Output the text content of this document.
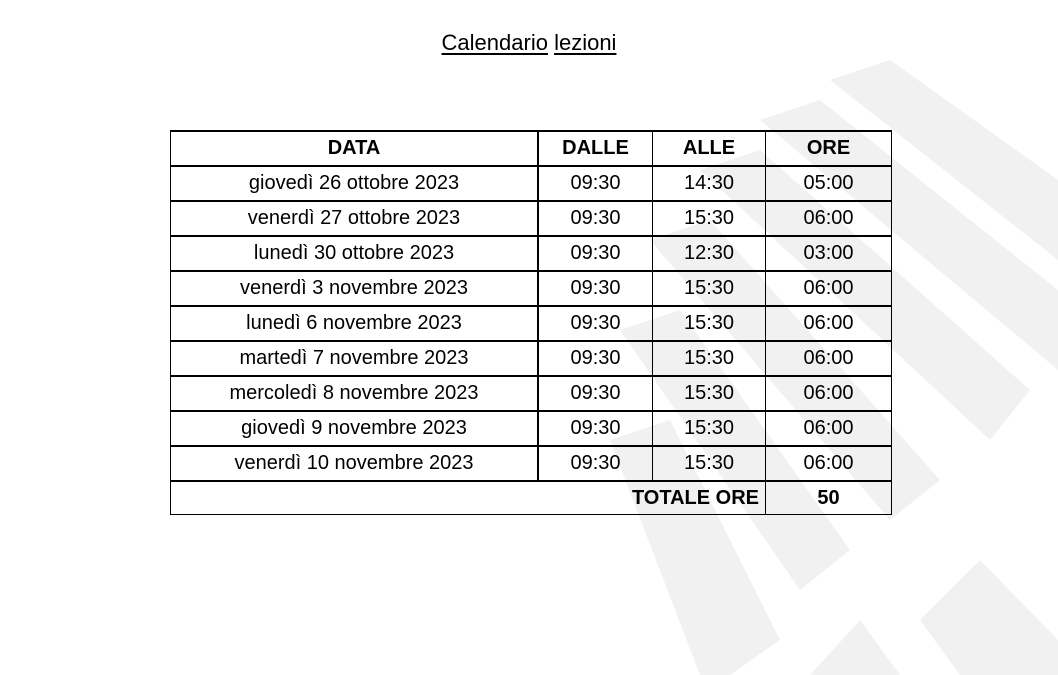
Calendario lezioni
DATA	DALLE	ALLE	ORE
giovedì 26 ottobre 2023	09:30	14:30	05:00
venerdì 27 ottobre 2023	09:30	15:30	06:00
lunedì 30 ottobre 2023	09:30	12:30	03:00
venerdì 3 novembre 2023	09:30	15:30	06:00
lunedì 6 novembre 2023	09:30	15:30	06:00
martedì 7 novembre 2023	09:30	15:30	06:00
mercoledì 8 novembre 2023	09:30	15:30	06:00
giovedì 9 novembre 2023	09:30	15:30	06:00
venerdì 10 novembre 2023	09:30	15:30	06:00
TOTALE ORE			50
